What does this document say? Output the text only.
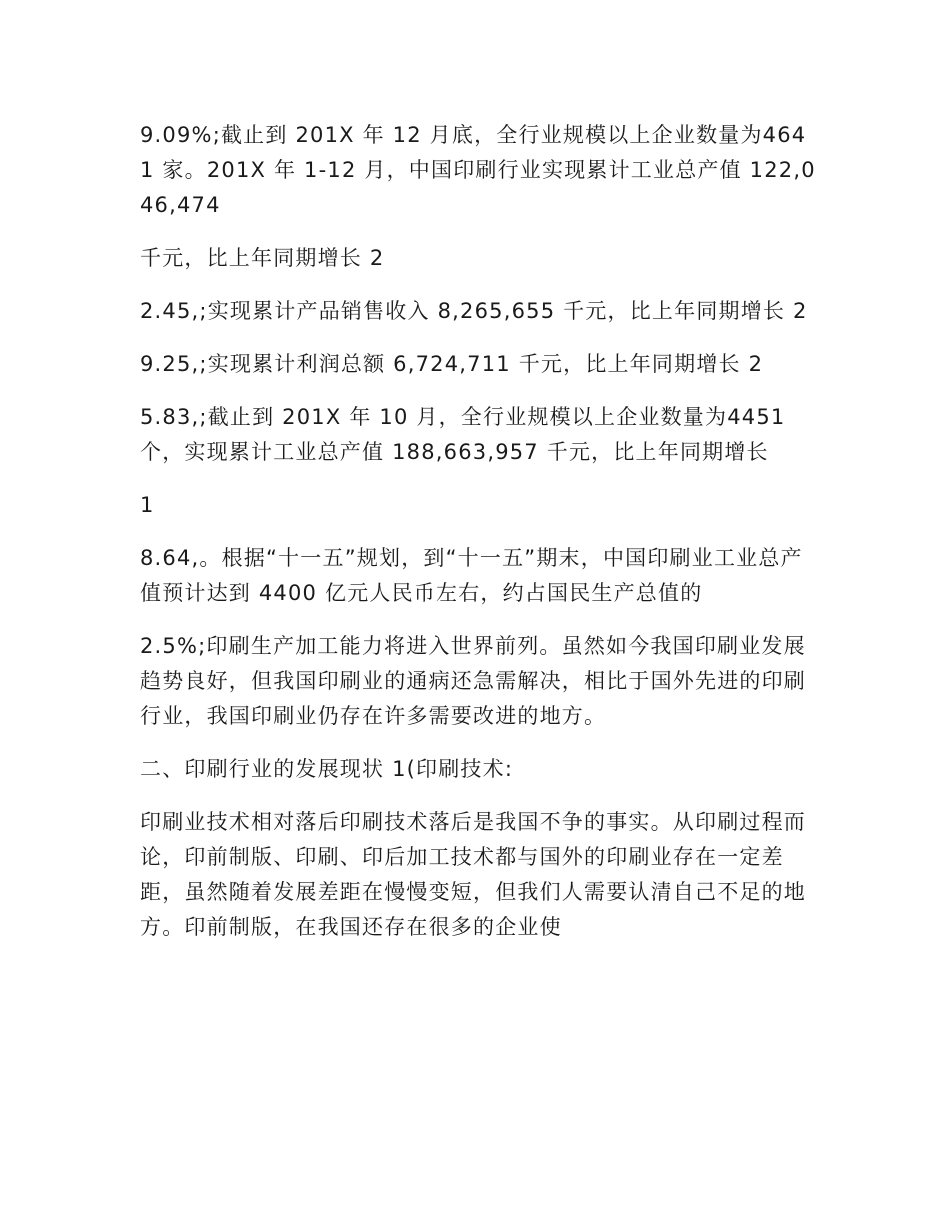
9.09%;截止到 201X 年 12 月底，全行业规模以上企业数量为4641 家。201X 年 1-12 月，中国印刷行业实现累计工业总产值 122,046,474

千元，比上年同期增长 2

2.45,;实现累计产品销售收入 8,265,655 千元，比上年同期增长 2

9.25,;实现累计利润总额 6,724,711 千元，比上年同期增长 2

5.83,;截止到 201X 年 10 月，全行业规模以上企业数量为4451 个，实现累计工业总产值 188,663,957 千元，比上年同期增长

1

8.64,。根据“十一五”规划，到“十一五”期末，中国印刷业工业总产值预计达到 4400 亿元人民币左右，约占国民生产总值的

2.5%;印刷生产加工能力将进入世界前列。虽然如今我国印刷业发展趋势良好，但我国印刷业的通病还急需解决，相比于国外先进的印刷行业，我国印刷业仍存在许多需要改进的地方。

二、印刷行业的发展现状 1(印刷技术:

印刷业技术相对落后印刷技术落后是我国不争的事实。从印刷过程而论，印前制版、印刷、印后加工技术都与国外的印刷业存在一定差距，虽然随着发展差距在慢慢变短，但我们人需要认清自己不足的地方。印前制版，在我国还存在很多的企业使
